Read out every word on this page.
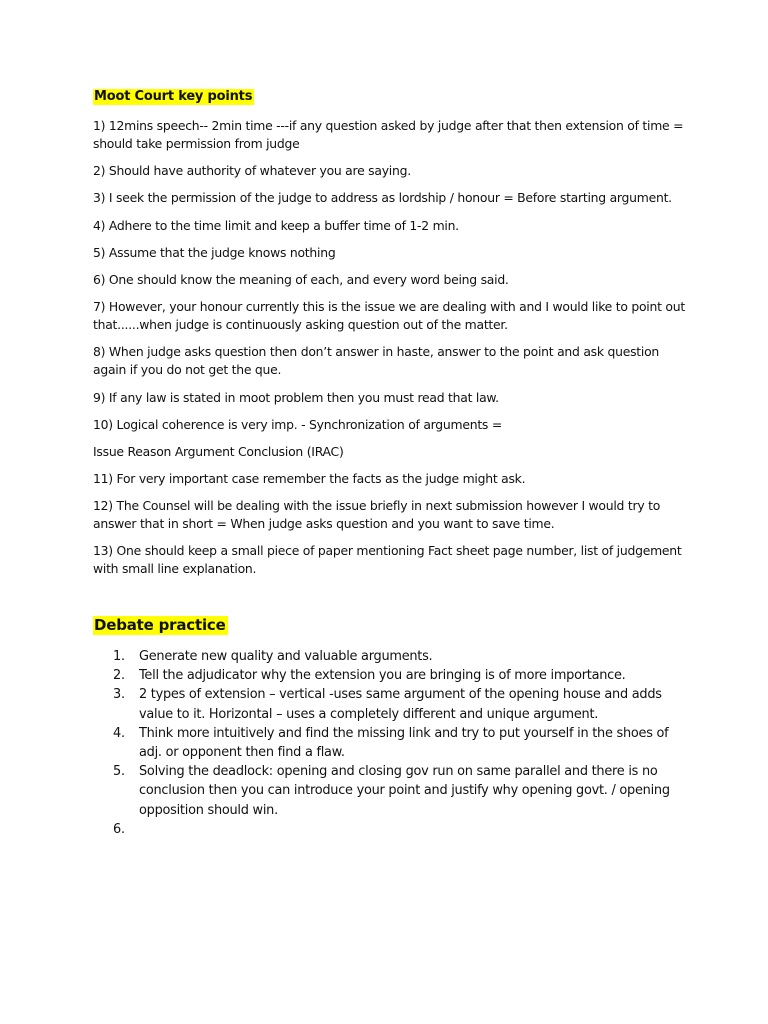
Moot Court key points

1) 12mins speech-- 2min time ---if any question asked by judge after that then extension of time = should take permission from judge

2) Should have authority of whatever you are saying.

3) I seek the permission of the judge to address as lordship / honour = Before starting argument.

4) Adhere to the time limit and keep a buffer time of 1-2 min.

5) Assume that the judge knows nothing

6) One should know the meaning of each, and every word being said.

7) However, your honour currently this is the issue we are dealing with and I would like to point out that......when judge is continuously asking question out of the matter.

8) When judge asks question then don’t answer in haste, answer to the point and ask question again if you do not get the que.

9) If any law is stated in moot problem then you must read that law.

10) Logical coherence is very imp. - Synchronization of arguments =

Issue Reason Argument Conclusion (IRAC)

11) For very important case remember the facts as the judge might ask.

12) The Counsel will be dealing with the issue briefly in next submission however I would try to answer that in short = When judge asks question and you want to save time.

13) One should keep a small piece of paper mentioning Fact sheet page number, list of judgement with small line explanation.

Debate practice
1. Generate new quality and valuable arguments.
2. Tell the adjudicator why the extension you are bringing is of more importance.
3. 2 types of extension – vertical -uses same argument of the opening house and adds value to it. Horizontal – uses a completely different and unique argument.
4. Think more intuitively and find the missing link and try to put yourself in the shoes of adj. or opponent then find a flaw.
5. Solving the deadlock: opening and closing gov run on same parallel and there is no conclusion then you can introduce your point and justify why opening govt. / opening opposition should win.
6.
